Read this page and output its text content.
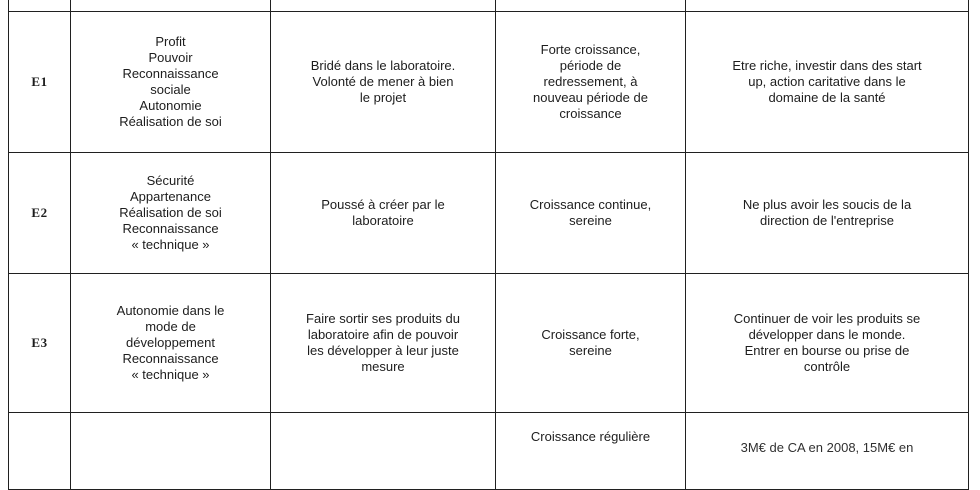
E1	Profit
Pouvoir
Reconnaissance
sociale
Autonomie
Réalisation de soi	Bridé dans le laboratoire.
Volonté de mener à bien
le projet	Forte croissance,
période de
redressement, à
nouveau période de
croissance	Etre riche, investir dans des start
up, action caritative dans le
domaine de la santé
E2	Sécurité
Appartenance
Réalisation de soi
Reconnaissance
« technique »	Poussé à créer par le
laboratoire	Croissance continue,
sereine	Ne plus avoir les soucis de la
direction de l'entreprise
E3	Autonomie dans le
mode de
développement
Reconnaissance
« technique »	Faire sortir ses produits du
laboratoire afin de pouvoir
les développer à leur juste
mesure	Croissance forte,
sereine	Continuer de voir les produits se
développer dans le monde.
Entrer en bourse ou prise de
contrôle

			Croissance régulière	3M€ de CA en 2008, 15M€ en
